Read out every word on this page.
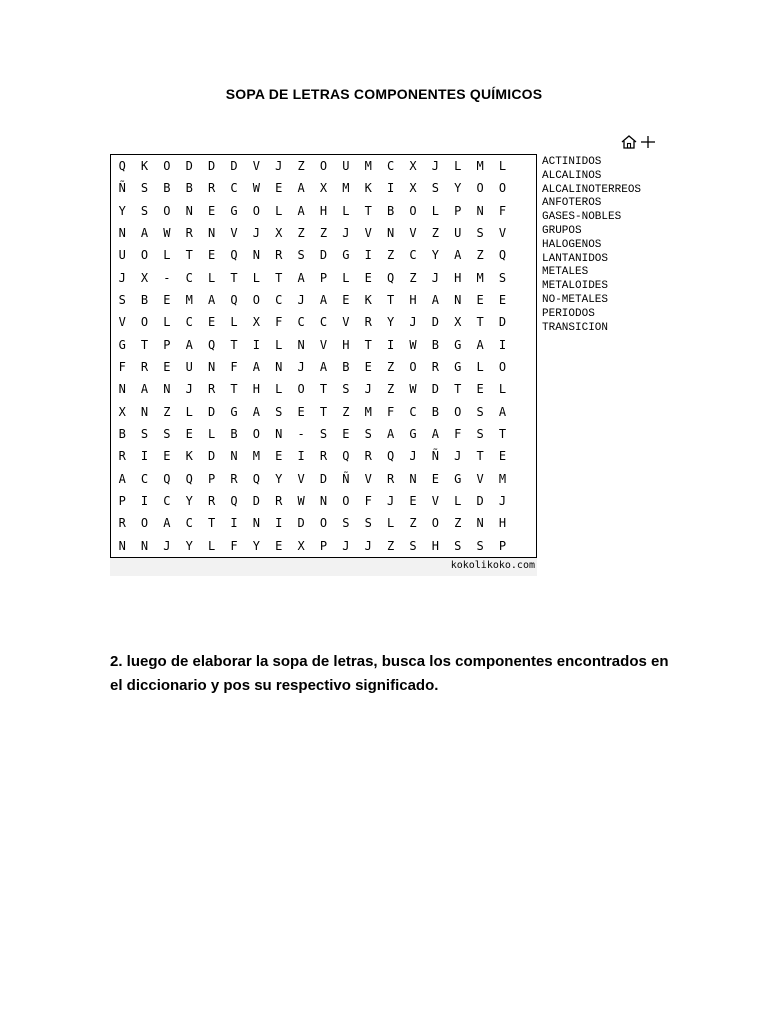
SOPA DE LETRAS COMPONENTES QUÍMICOS
Q	K	O	D	D	D	V	J	Z	O	U	M	C	X	J	L	M	L
Ñ	S	B	B	R	C	W	E	A	X	M	K	I	X	S	Y	O	O
Y	S	O	N	E	G	O	L	A	H	L	T	B	O	L	P	N	F
N	A	W	R	N	V	J	X	Z	Z	J	V	N	V	Z	U	S	V
U	O	L	T	E	Q	N	R	S	D	G	I	Z	C	Y	A	Z	Q
J	X	-	C	L	T	L	T	A	P	L	E	Q	Z	J	H	M	S
S	B	E	M	A	Q	O	C	J	A	E	K	T	H	A	N	E	E
V	O	L	C	E	L	X	F	C	C	V	R	Y	J	D	X	T	D
G	T	P	A	Q	T	I	L	N	V	H	T	I	W	B	G	A	I
F	R	E	U	N	F	A	N	J	A	B	E	Z	O	R	G	L	O
N	A	N	J	R	T	H	L	O	T	S	J	Z	W	D	T	E	L
X	N	Z	L	D	G	A	S	E	T	Z	M	F	C	B	O	S	A
B	S	S	E	L	B	O	N	-	S	E	S	A	G	A	F	S	T
R	I	E	K	D	N	M	E	I	R	Q	R	Q	J	Ñ	J	T	E
A	C	Q	Q	P	R	Q	Y	V	D	Ñ	V	R	N	E	G	V	M
P	I	C	Y	R	Q	D	R	W	N	O	F	J	E	V	L	D	J
R	O	A	C	T	I	N	I	D	O	S	S	L	Z	O	Z	N	H
N	N	J	Y	L	F	Y	E	X	P	J	J	Z	S	H	S	S	P
kokolikoko.com
ACTINIDOS
ALCALINOS
ALCALINOTERREOS
ANFOTEROS
GASES-NOBLES
GRUPOS
HALOGENOS
LANTANIDOS
METALES
METALOIDES
NO-METALES
PERIODOS
TRANSICION
2. luego de elaborar la sopa de letras, busca los componentes encontrados en el diccionario y pos su respectivo significado.
